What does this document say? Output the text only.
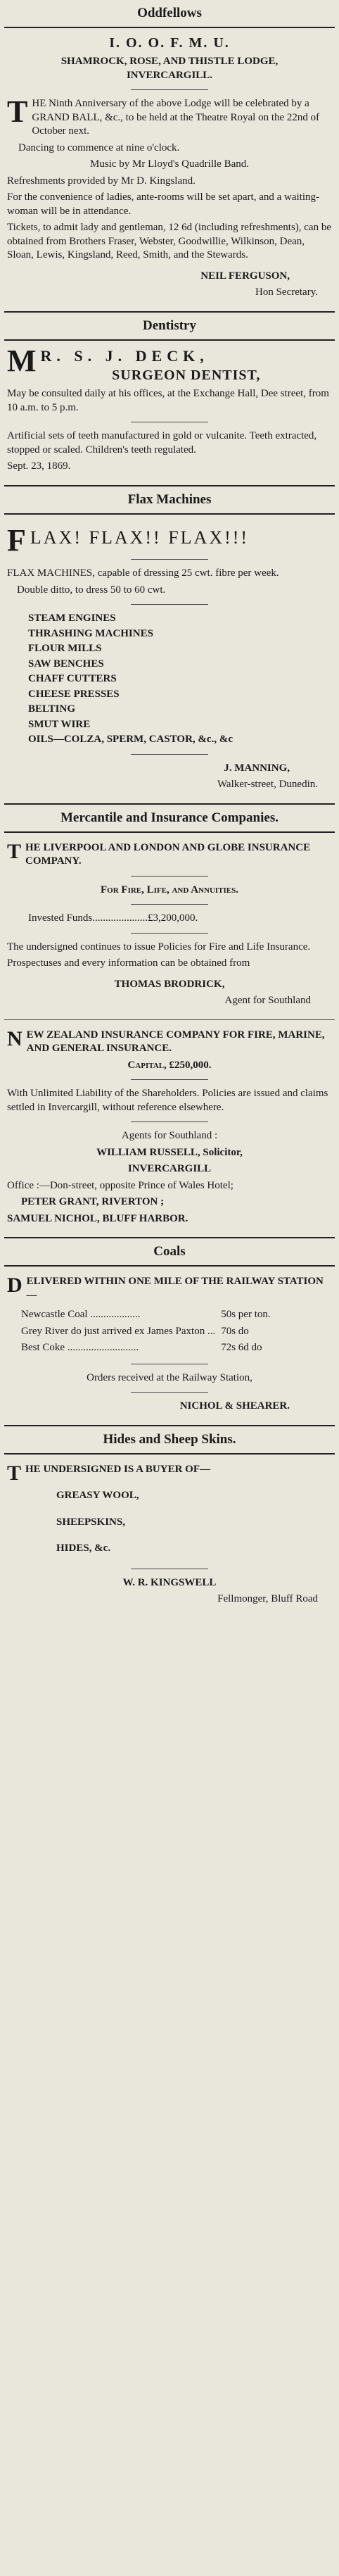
Oddfellows
I. O. O. F. M. U.
SHAMROCK, ROSE, AND THISTLE LODGE,
INVERCARGILL.

THE Ninth Anniversary of the above Lodge will be celebrated by a GRAND BALL, &c., to be held at the Theatre Royal on the 22nd of October next.

Dancing to commence at nine o'clock.

Music by Mr Lloyd's Quadrille Band.

Refreshments provided by Mr D. Kingsland.

For the convenience of ladies, ante-rooms will be set apart, and a waiting-woman will be in attendance.

Tickets, to admit lady and gentleman, 12 6d (including refreshments), can be obtained from Brothers Fraser, Webster, Goodwillie, Wilkinson, Dean, Sloan, Lewis, Kingsland, Reed, Smith, and the Stewards.

NEIL FERGUSON,

Hon Secretary.

Dentistry
M R. S. J. DECK,
SURGEON DENTIST,

May be consulted daily at his offices, at the Exchange Hall, Dee street, from 10 a.m. to 5 p.m.

Artificial sets of teeth manufactured in gold or vulcanite. Teeth extracted, stopped or scaled. Children's teeth regulated.

Sept. 23, 1869.

Flax Machines
FLAX! FLAX!! FLAX!!!

FLAX MACHINES, capable of dressing 25 cwt. fibre per week.

Double ditto, to dress 50 to 60 cwt.

STEAM ENGINES
THRASHING MACHINES
FLOUR MILLS
SAW BENCHES
CHAFF CUTTERS
CHEESE PRESSES
BELTING
SMUT WIRE
OILS—COLZA, SPERM, CASTOR, &c., &c

J. MANNING,

Walker-street, Dunedin.

Mercantile and Insurance Companies.

THE LIVERPOOL AND LONDON AND GLOBE INSURANCE COMPANY.

For Fire, Life, and Annuities.

Invested Funds.....................£3,200,000.

The undersigned continues to issue Policies for Fire and Life Insurance.

Prospectuses and every information can be obtained from

THOMAS BRODRICK,

Agent for Southland

NEW ZEALAND INSURANCE COMPANY FOR FIRE, MARINE, AND GENERAL INSURANCE.

Capital, £250,000.

With Unlimited Liability of the Shareholders. Policies are issued and claims settled in Invercargill, without reference elsewhere.

Agents for Southland :

WILLIAM RUSSELL, Solicitor,

INVERCARGILL

Office :—Don-street, opposite Prince of Wales Hotel;

PETER GRANT, RIVERTON ;

SAMUEL NICHOL, BLUFF HARBOR.

Coals

DELIVERED WITHIN ONE MILE OF THE RAILWAY STATION—

Newcastle Coal ...................	50s per ton.
Grey River do just arrived ex James Paxton ...	70s do
Best Coke ...........................	72s 6d do

Orders received at the Railway Station,

NICHOL & SHEARER.

Hides and Sheep Skins.

THE UNDERSIGNED IS A BUYER OF—

GREASY WOOL,

SHEEPSKINS,

HIDES, &c.

W. R. KINGSWELL

Fellmonger, Bluff Road
